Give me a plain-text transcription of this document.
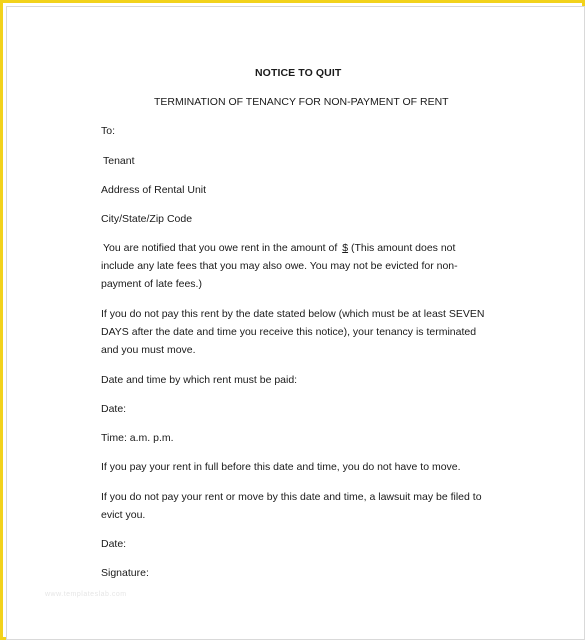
NOTICE TO QUIT
TERMINATION OF TENANCY FOR NON-PAYMENT OF RENT
To:
Tenant
Address of Rental Unit
City/State/Zip Code
You are notified that you owe rent in the amount of $ (This amount does not include any late fees that you may also owe. You may not be evicted for non-payment of late fees.)
If you do not pay this rent by the date stated below (which must be at least SEVEN DAYS after the date and time you receive this notice), your tenancy is terminated and you must move.
Date and time by which rent must be paid:
Date:
Time: a.m. p.m.
If you pay your rent in full before this date and time, you do not have to move.
If you do not pay your rent or move by this date and time, a lawsuit may be filed to evict you.
Date:
Signature:
www.templateslab.com
